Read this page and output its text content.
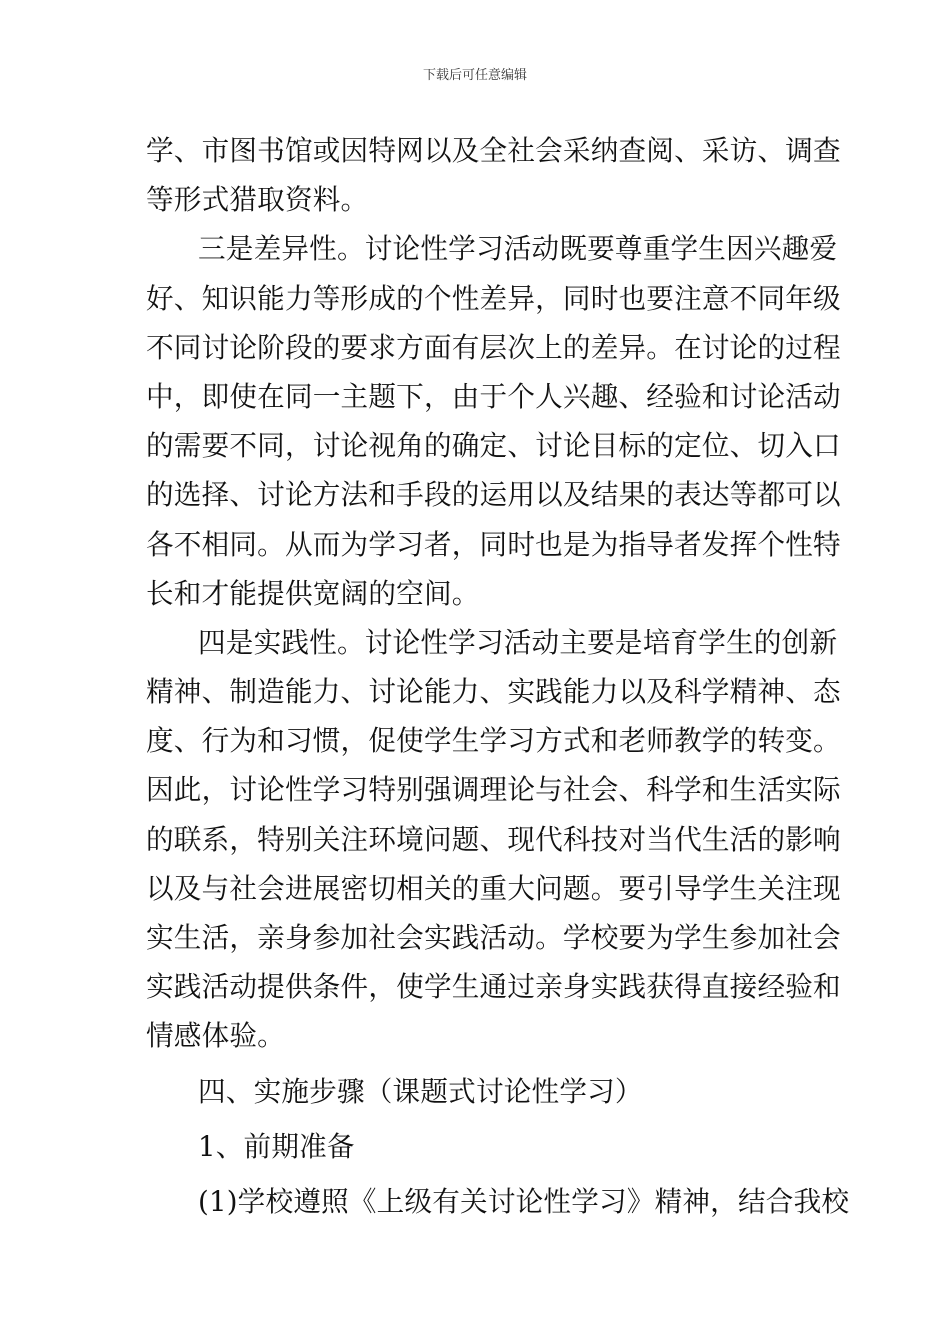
下载后可任意编辑
学、市图书馆或因特网以及全社会采纳查阅、采访、调查
等形式猎取资料。
三是差异性。讨论性学习活动既要尊重学生因兴趣爱
好、知识能力等形成的个性差异，同时也要注意不同年级
不同讨论阶段的要求方面有层次上的差异。在讨论的过程
中，即使在同一主题下，由于个人兴趣、经验和讨论活动
的需要不同，讨论视角的确定、讨论目标的定位、切入口
的选择、讨论方法和手段的运用以及结果的表达等都可以
各不相同。从而为学习者，同时也是为指导者发挥个性特
长和才能提供宽阔的空间。
四是实践性。讨论性学习活动主要是培育学生的创新
精神、制造能力、讨论能力、实践能力以及科学精神、态
度、行为和习惯，促使学生学习方式和老师教学的转变。
因此，讨论性学习特别强调理论与社会、科学和生活实际
的联系，特别关注环境问题、现代科技对当代生活的影响
以及与社会进展密切相关的重大问题。要引导学生关注现
实生活，亲身参加社会实践活动。学校要为学生参加社会
实践活动提供条件，使学生通过亲身实践获得直接经验和
情感体验。
四、实施步骤（课题式讨论性学习）
1、前期准备
(1)学校遵照《上级有关讨论性学习》精神，结合我校
